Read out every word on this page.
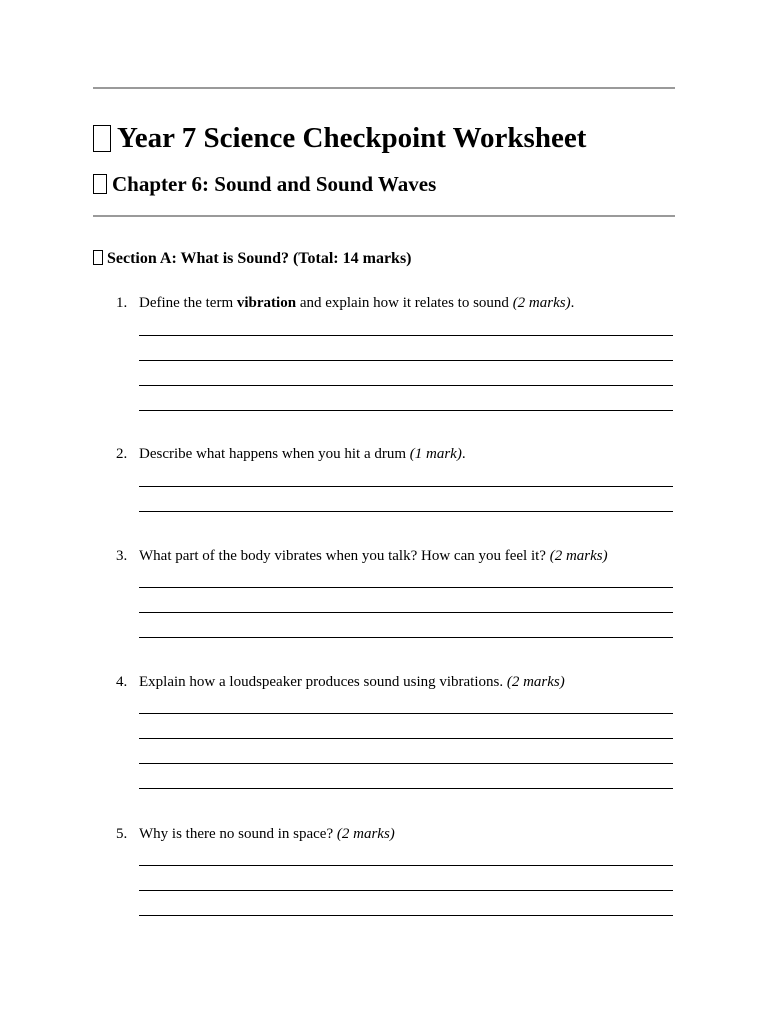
Year 7 Science Checkpoint Worksheet
Chapter 6: Sound and Sound Waves
Section A: What is Sound? (Total: 14 marks)
1. Define the term vibration and explain how it relates to sound (2 marks).
2. Describe what happens when you hit a drum (1 mark).
3. What part of the body vibrates when you talk? How can you feel it? (2 marks)
4. Explain how a loudspeaker produces sound using vibrations. (2 marks)
5. Why is there no sound in space? (2 marks)
